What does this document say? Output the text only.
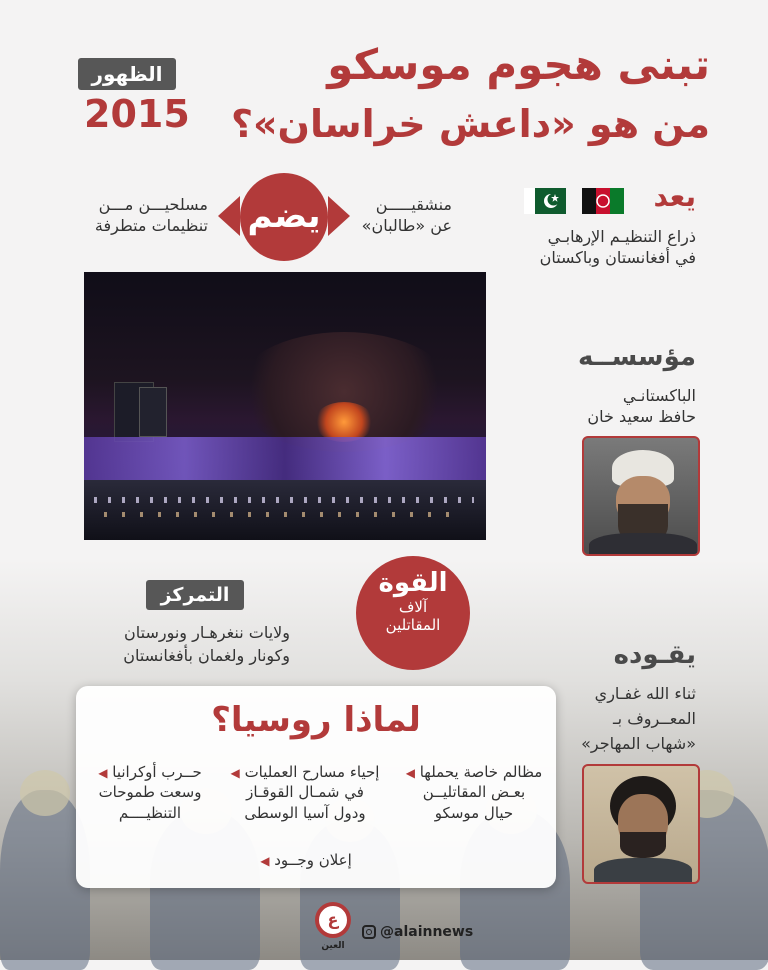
تبنى هجوم موسكو
من هو «داعش خراسان»؟
الظهور
2015
يعد
ذراع التنظيـم الإرهابـي
في أفغانستان وباكستان
يضم	منشقيـــــن
عن «طالبان»
مسلحيـــن مـــن
تنظيمات متطرفة
مؤسســه
الباكستانـي
حافظ سعيد خان
القوة
آلاف
المقاتلين
التمركز
ولايات ننغرهـار ونورستان
وكونار ولغمان بأفغانستان	يقـوده
ثناء الله غفـاري
المعــروف بـ
«شهاب المهاجر»
لماذا روسيا؟
مظالم خاصة يحملها ◀
بعـض المقاتليــن
حيال موسكو
إحياء مسارح العمليات ◀
في شمـال القوقـاز
ودول آسيا الوسطى
حــرب أوكرانيا ◀
وسعت طموحات
التنظيــــم
إعلان وجــود ◀
ع
العين
@alainnews
